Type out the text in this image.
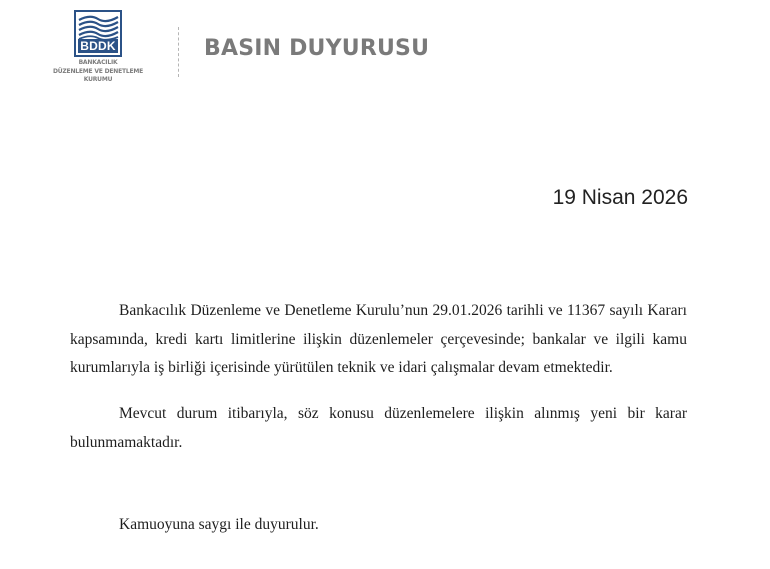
BDDK
BANKACILIK
DÜZENLEME VE DENETLEME
KURUMU
BASIN DUYURUSU
19 Nisan 2026

Bankacılık Düzenleme ve Denetleme Kurulu’nun 29.01.2026 tarihli ve 11367 sayılı Kararı kapsamında, kredi kartı limitlerine ilişkin düzenlemeler çerçevesinde; bankalar ve ilgili kamu kurumlarıyla iş birliği içerisinde yürütülen teknik ve idari çalışmalar devam etmektedir.

Mevcut durum itibarıyla, söz konusu düzenlemelere ilişkin alınmış yeni bir karar bulunmamaktadır.

Kamuoyuna saygı ile duyurulur.
